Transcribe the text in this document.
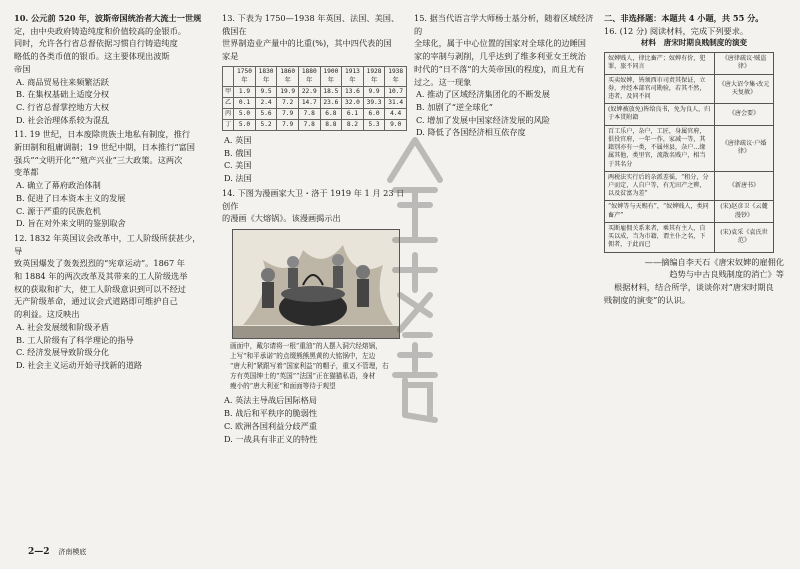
10. 公元前 520 年，波斯帝国统治者大流士一世规
定，由中央政府铸造纯度和价值较高的金银币。
同时，允许各行省总督依据习惯自行铸造纯度
略低的各类币值的银币。这主要体现出波斯
帝国
A. 商品贸易往来频繁活跃
B. 在集权基础上适度分权
C. 行省总督掌控地方大权
D. 社会治理体系较为混乱
11. 19 世纪，日本废除贵族土地私有制度，推行
新田制和租庸调制；19 世纪中期，日本推行“富国
强兵”“文明开化”“殖产兴业”三大政策。这两次
变革都
A. 确立了幕府政治体制
B. 促进了日本资本主义的发展
C. 源于严重的民族危机
D. 旨在对外来文明的鉴别取舍
12. 1832 年英国议会改革中，工人阶级所获甚少，导
致英国爆发了轰轰烈烈的“宪章运动”。1867 年
和 1884 年的两次改革及其带来的工人阶级选举
权的获取和扩大，使工人阶级意识到可以不经过
无产阶级革命，通过议会式道路即可维护自己
的利益。这反映出
A. 社会发展缓和阶级矛盾
B. 工人阶级有了科学理论的指导
C. 经济发展导致阶级分化
D. 社会主义运动开始寻找新的道路
13. 下表为 1750—1938 年英国、法国、美国、俄国在
世界制造业产量中的比重(%)，其中四代表的国
家是
	1750年	1830年	1860年	1880年	1900年	1913年	1928年	1938年
甲	1.9	9.5	19.9	22.9	18.5	13.6	9.9	10.7
乙	0.1	2.4	7.2	14.7	23.6	32.0	39.3	31.4
丙	5.0	5.6	7.9	7.8	6.8	6.1	6.0	4.4
丁	5.0	5.2	7.9	7.8	8.8	8.2	5.3	9.0
A. 英国
B. 俄国
C. 美国
D. 法国
14. 下图为漫画家大卫・洛于 1919 年 1 月 23 日创作
的漫画《大熔锅》。该漫画揭示出
画面中，戴尔请将一根“重油”的人摆入洞穴经熔锅，
上写“和平承诺”的点缀熊熊黑黄的大铭锅中，左边
“唐大利”紧跟写着“国家利益”的帽子，重又不管理，右
方有英国绅士的“英国”“法国”正在猫猫私语，身材
瘦小的“唐大利亚”和面面等待于观望
A. 英法主导战后国际格局
B. 战后和平秩序的脆弱性
C. 欧洲各国利益分歧严重
D. 一战具有非正义的特性
15. 据当代语言学大师杨士基分析，随着区域经济的
全球化，属于中心位置的国家对全球化的边睡国
家的宰制与剥削，几乎达到了维多利亚女王统治
时代的“日不落”的大英帝国(的程度)，而且尤有
过之。这一现象
A. 推动了区域经济集团化的不断发展
B. 加剧了“逆全球化”
C. 增加了发展中国家经济发展的风险
D. 降低了各国经济相互依存度
二、非选择题：本题共 4 小题，共 55 分。
16. (12 分) 阅读材料，完成下列要求。
材料　唐宋时期良贱制度的演变
奴婢贱人，律比畜产；奴婢有价，犯罪，旅不同言	《唐律疏议·贼盗律》
买卖奴婢，皆须西市司责其保证，立券，并经本部官司勘验，若其不然，违者，及同不问	《唐大诏令集·改元天复赦》
(奴婢被放免)皆给良书，免为良人，归于本贯附籍	《唐会要》
百工乐户，杂户，工匠，身属官府，俱役官府，一年一作，家减一等，其籍别亦有一类，不属州县，杂户…缘属其他，类里官，流散名贱户，相当于其名分	《唐律疏议·户婚律》
两税法实行后的杂派差徭，“租分，分户而定，人自户等，有无田产之辨，以及贫富为差”	《新唐书》
“奴婢等与天赐有”，“奴婢贱人，类同畜产”	(宋)赵彦卫《云麓漫钞》
买断雇佣关系来者，乘其有主人，自买以成，当为市籍，谓主仆之名，下佣者，于此而已	(宋)袁采《袁氏世范》
——摘编自李天石《唐宋奴婢的雇佣化
趋势与中古良贱制度的消亡》等
根据材料，结合所学，谈谈你对“唐宋时期良
贱制度的演变”的认识。
2—2 济南模底
